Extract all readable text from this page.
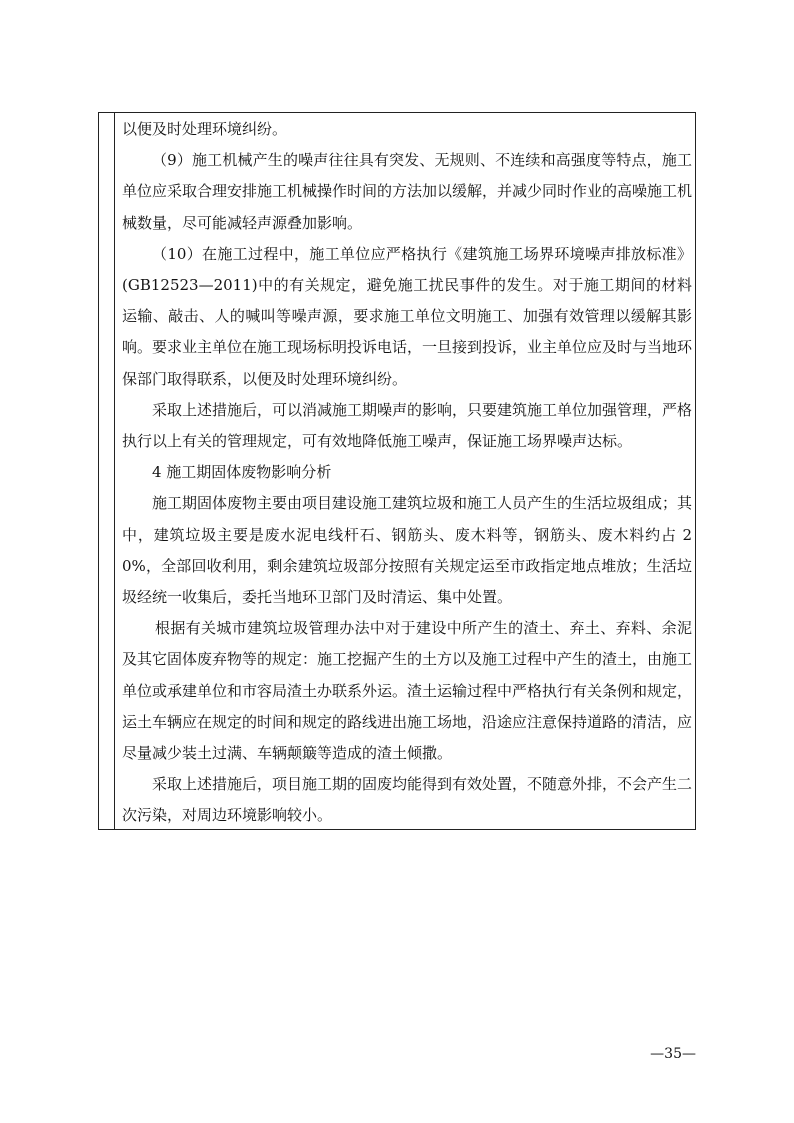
以便及时处理环境纠纷。

（9）施工机械产生的噪声往往具有突发、无规则、不连续和高强度等特点，施工单位应采取合理安排施工机械操作时间的方法加以缓解，并减少同时作业的高噪施工机械数量，尽可能减轻声源叠加影响。

（10）在施工过程中，施工单位应严格执行《建筑施工场界环境噪声排放标准》(GB12523—2011)中的有关规定，避免施工扰民事件的发生。对于施工期间的材料运输、敲击、人的喊叫等噪声源，要求施工单位文明施工、加强有效管理以缓解其影响。要求业主单位在施工现场标明投诉电话，一旦接到投诉，业主单位应及时与当地环保部门取得联系，以便及时处理环境纠纷。

采取上述措施后，可以消减施工期噪声的影响，只要建筑施工单位加强管理，严格执行以上有关的管理规定，可有效地降低施工噪声，保证施工场界噪声达标。

4 施工期固体废物影响分析

施工期固体废物主要由项目建设施工建筑垃圾和施工人员产生的生活垃圾组成；其中，建筑垃圾主要是废水泥电线杆石、钢筋头、废木料等，钢筋头、废木料约占 20%，全部回收利用，剩余建筑垃圾部分按照有关规定运至市政指定地点堆放；生活垃圾经统一收集后，委托当地环卫部门及时清运、集中处置。

根据有关城市建筑垃圾管理办法中对于建设中所产生的渣土、弃土、弃料、余泥及其它固体废弃物等的规定：施工挖掘产生的土方以及施工过程中产生的渣土，由施工单位或承建单位和市容局渣土办联系外运。渣土运输过程中严格执行有关条例和规定，运土车辆应在规定的时间和规定的路线进出施工场地，沿途应注意保持道路的清洁，应尽量减少装土过满、车辆颠簸等造成的渣土倾撒。

采取上述措施后，项目施工期的固废均能得到有效处置，不随意外排，不会产生二次污染，对周边环境影响较小。

—35—
